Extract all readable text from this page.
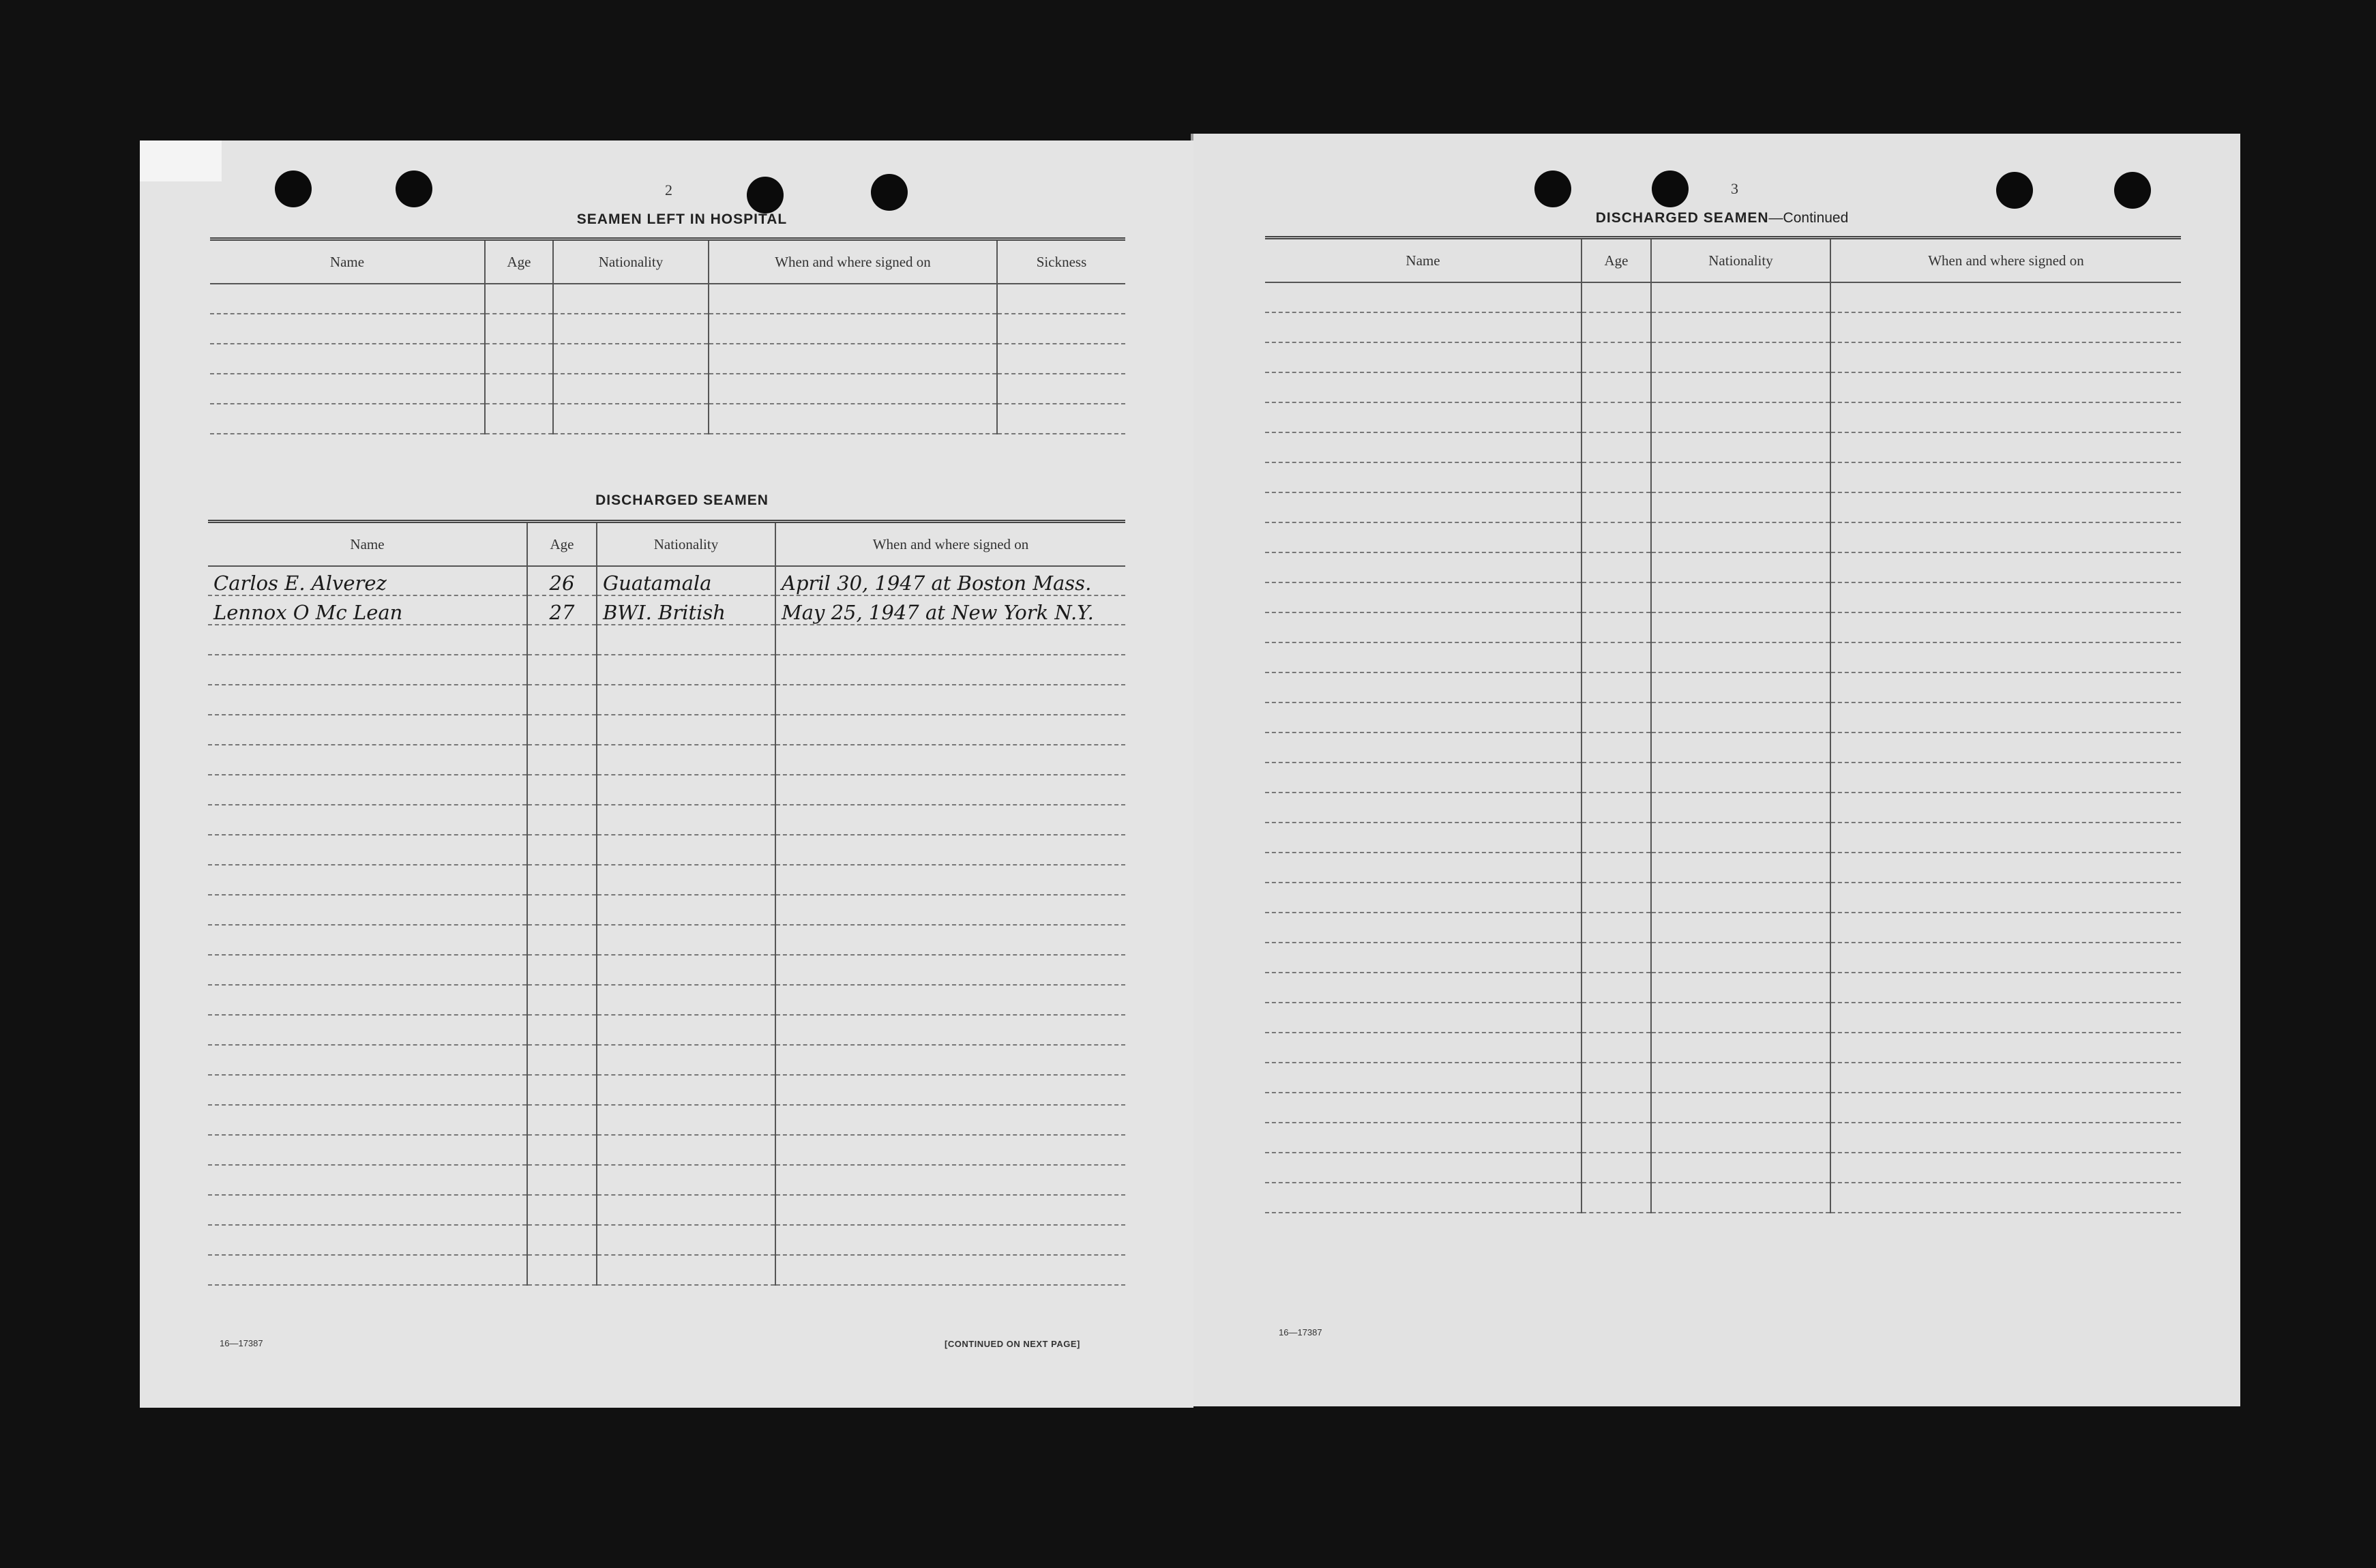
2
SEAMEN LEFT IN HOSPITAL
Name	Age	Nationality	When and where signed on	Sickness

DISCHARGED SEAMEN
Name	Age	Nationality	When and where signed on
Carlos E. Alverez	26	Guatamala	April 30, 1947 at Boston Mass.
Lennox O Mc Lean	27	BWI. British	May 25, 1947 at New York N.Y.

16—17387	[CONTINUED ON NEXT PAGE]
3
DISCHARGED SEAMEN—Continued
Name	Age	Nationality	When and where signed on

16—17387
